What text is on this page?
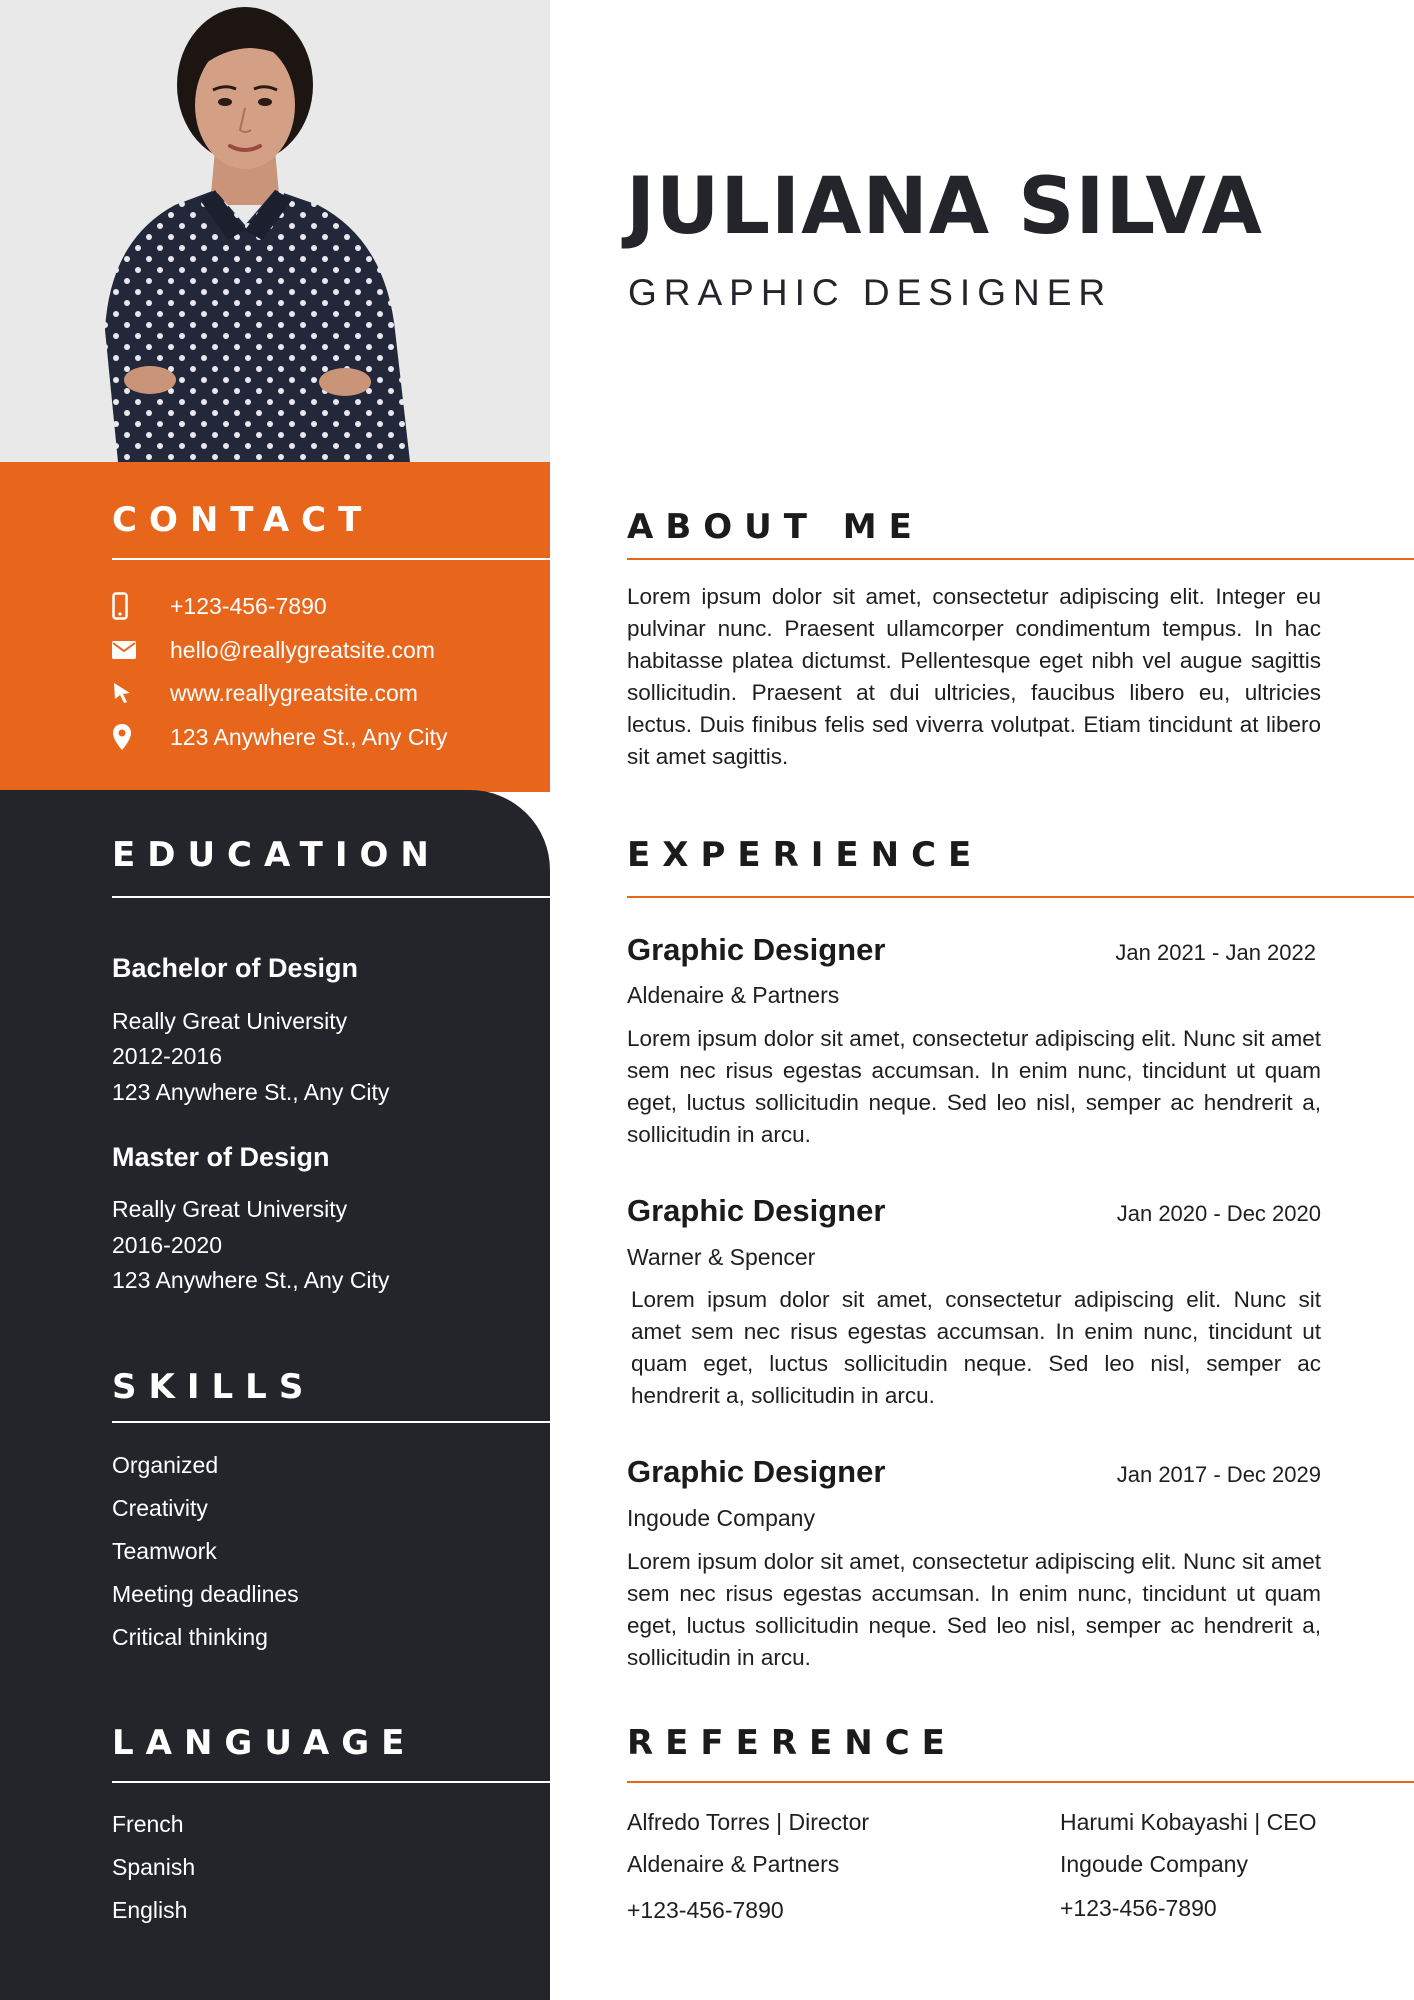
CONTACT
+123-456-7890
hello@reallygreatsite.com
www.reallygreatsite.com
123 Anywhere St., Any City
EDUCATION
Bachelor of Design
Really Great University
2012-2016
123 Anywhere St., Any City
Master of Design
Really Great University
2016-2020
123 Anywhere St., Any City
SKILLS
Organized
Creativity
Teamwork
Meeting deadlines
Critical thinking
LANGUAGE
French
Spanish
English
JULIANA SILVA
GRAPHIC DESIGNER
ABOUT ME
Lorem ipsum dolor sit amet, consectetur adipiscing elit. Integer eu pulvinar nunc. Praesent ullamcorper condimentum tempus. In hac habitasse platea dictumst. Pellentesque eget nibh vel augue sagittis sollicitudin. Praesent at dui ultricies, faucibus libero eu, ultricies lectus. Duis finibus felis sed viverra volutpat. Etiam tincidunt at libero sit amet sagittis.
EXPERIENCE
Graphic Designer	Jan 2021 - Jan 2022
Aldenaire & Partners
Lorem ipsum dolor sit amet, consectetur adipiscing elit. Nunc sit amet sem nec risus egestas accumsan. In enim nunc, tincidunt ut quam eget, luctus sollicitudin neque. Sed leo nisl, semper ac hendrerit a, sollicitudin in arcu.
Graphic Designer	Jan 2020 - Dec 2020
Warner & Spencer
Lorem ipsum dolor sit amet, consectetur adipiscing elit. Nunc sit amet sem nec risus egestas accumsan. In enim nunc, tincidunt ut quam eget, luctus sollicitudin neque. Sed leo nisl, semper ac hendrerit a, sollicitudin in arcu.
Graphic Designer	Jan 2017 - Dec 2029
Ingoude Company
Lorem ipsum dolor sit amet, consectetur adipiscing elit. Nunc sit amet sem nec risus egestas accumsan. In enim nunc, tincidunt ut quam eget, luctus sollicitudin neque. Sed leo nisl, semper ac hendrerit a, sollicitudin in arcu.
REFERENCE
Alfredo Torres | Director
Aldenaire & Partners
+123-456-7890
Harumi Kobayashi | CEO
Ingoude Company
+123-456-7890
